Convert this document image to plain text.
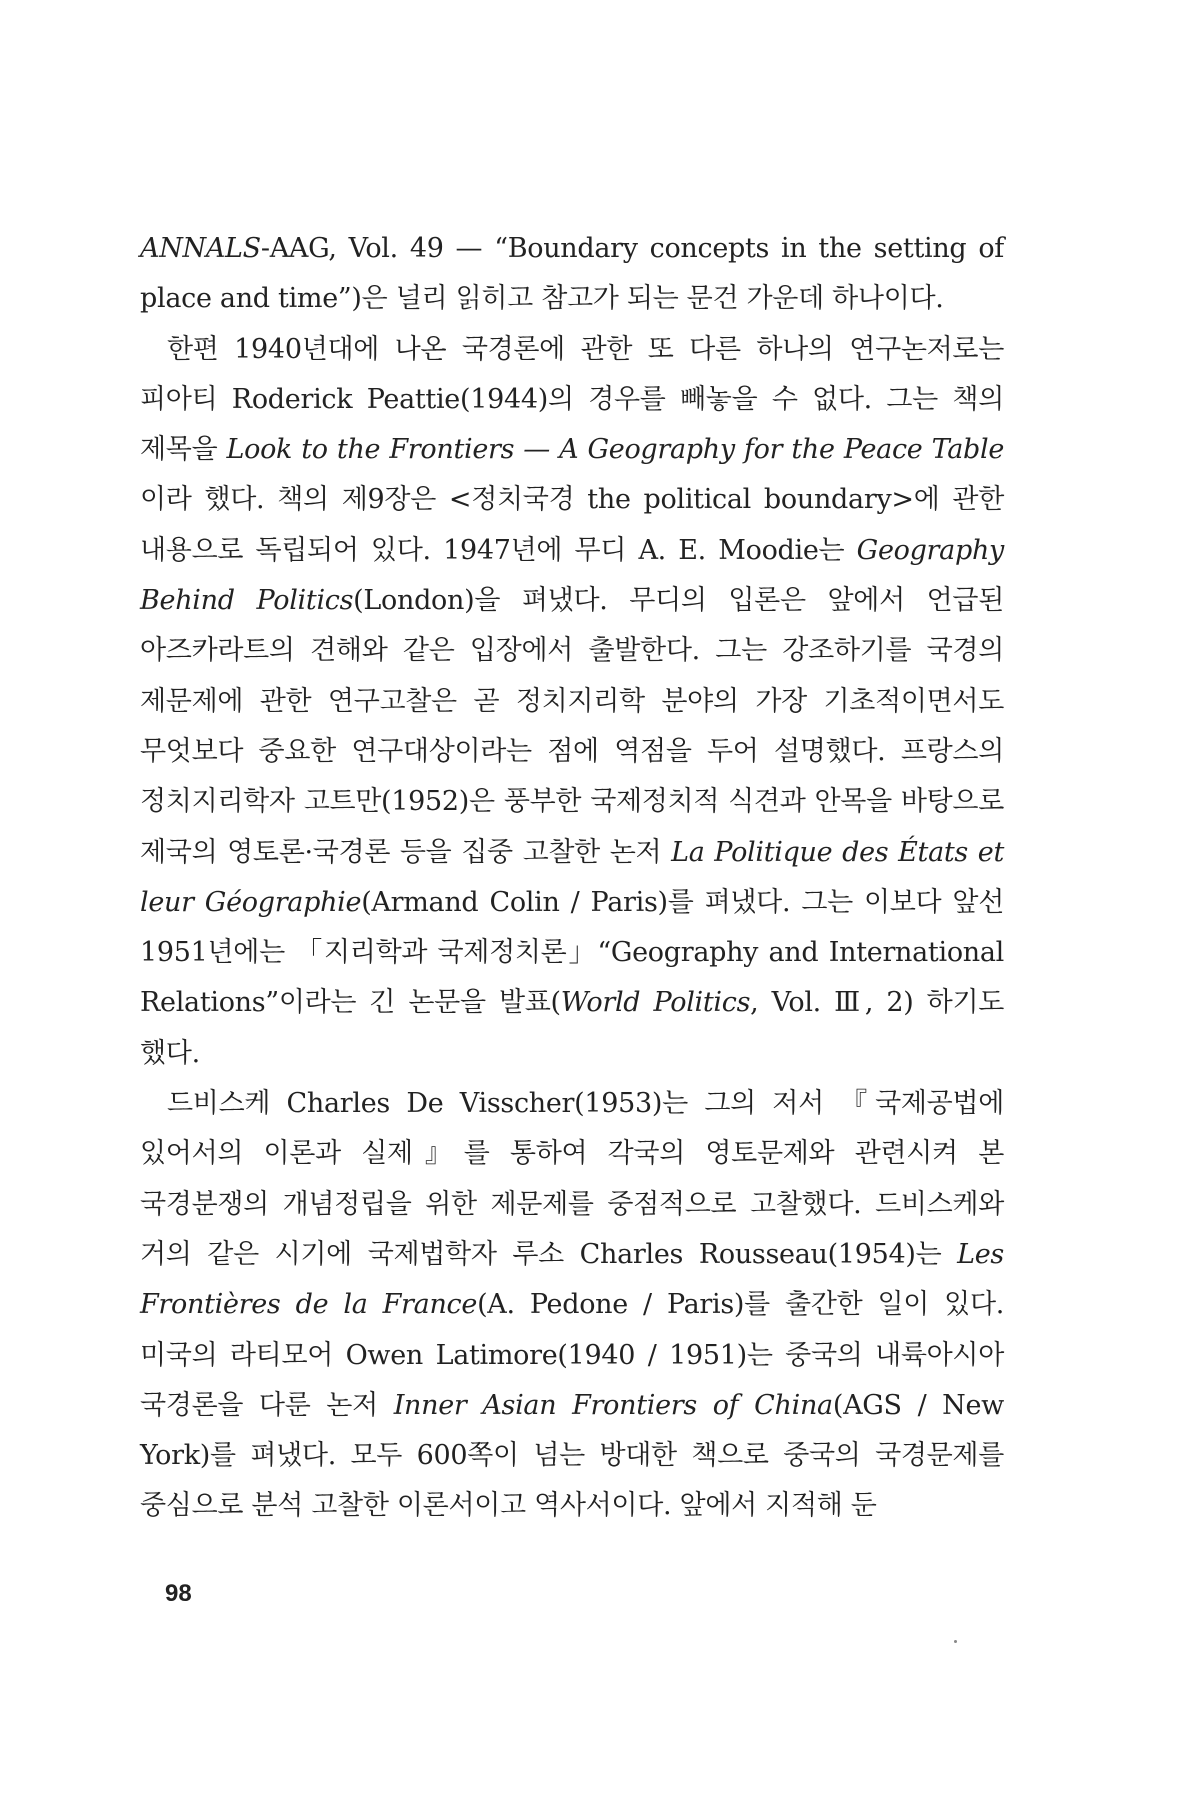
ANNALS-AAG, Vol. 49 — “Boundary concepts in the setting of place and time”)은 널리 읽히고 참고가 되는 문건 가운데 하나이다.

한편 1940년대에 나온 국경론에 관한 또 다른 하나의 연구논저로는 피아티 Roderick Peattie(1944)의 경우를 빼놓을 수 없다. 그는 책의 제목을 Look to the Frontiers — A Geography for the Peace Table 이라 했다. 책의 제9장은 <정치국경 the political boundary>에 관한 내용으로 독립되어 있다. 1947년에 무디 A. E. Moodie는 Geography Behind Politics(London)을 펴냈다. 무디의 입론은 앞에서 언급된 아즈카라트의 견해와 같은 입장에서 출발한다. 그는 강조하기를 국경의 제문제에 관한 연구고찰은 곧 정치지리학 분야의 가장 기초적이면서도 무엇보다 중요한 연구대상이라는 점에 역점을 두어 설명했다. 프랑스의 정치지리학자 고트만(1952)은 풍부한 국제정치적 식견과 안목을 바탕으로 제국의 영토론·국경론 등을 집중 고찰한 논저 La Politique des États et leur Géographie(Armand Colin / Paris)를 펴냈다. 그는 이보다 앞선 1951년에는 「지리학과 국제정치론」“Geography and International Relations”이라는 긴 논문을 발표(World Politics, Vol. Ⅲ, 2) 하기도 했다.

드비스케 Charles De Visscher(1953)는 그의 저서 『국제공법에 있어서의 이론과 실제』를 통하여 각국의 영토문제와 관련시켜 본 국경분쟁의 개념정립을 위한 제문제를 중점적으로 고찰했다. 드비스케와 거의 같은 시기에 국제법학자 루소 Charles Rousseau(1954)는 Les Frontières de la France(A. Pedone / Paris)를 출간한 일이 있다. 미국의 라티모어 Owen Latimore(1940 / 1951)는 중국의 내륙아시아 국경론을 다룬 논저 Inner Asian Frontiers of China(AGS / New York)를 펴냈다. 모두 600쪽이 넘는 방대한 책으로 중국의 국경문제를 중심으로 분석 고찰한 이론서이고 역사서이다. 앞에서 지적해 둔

98
